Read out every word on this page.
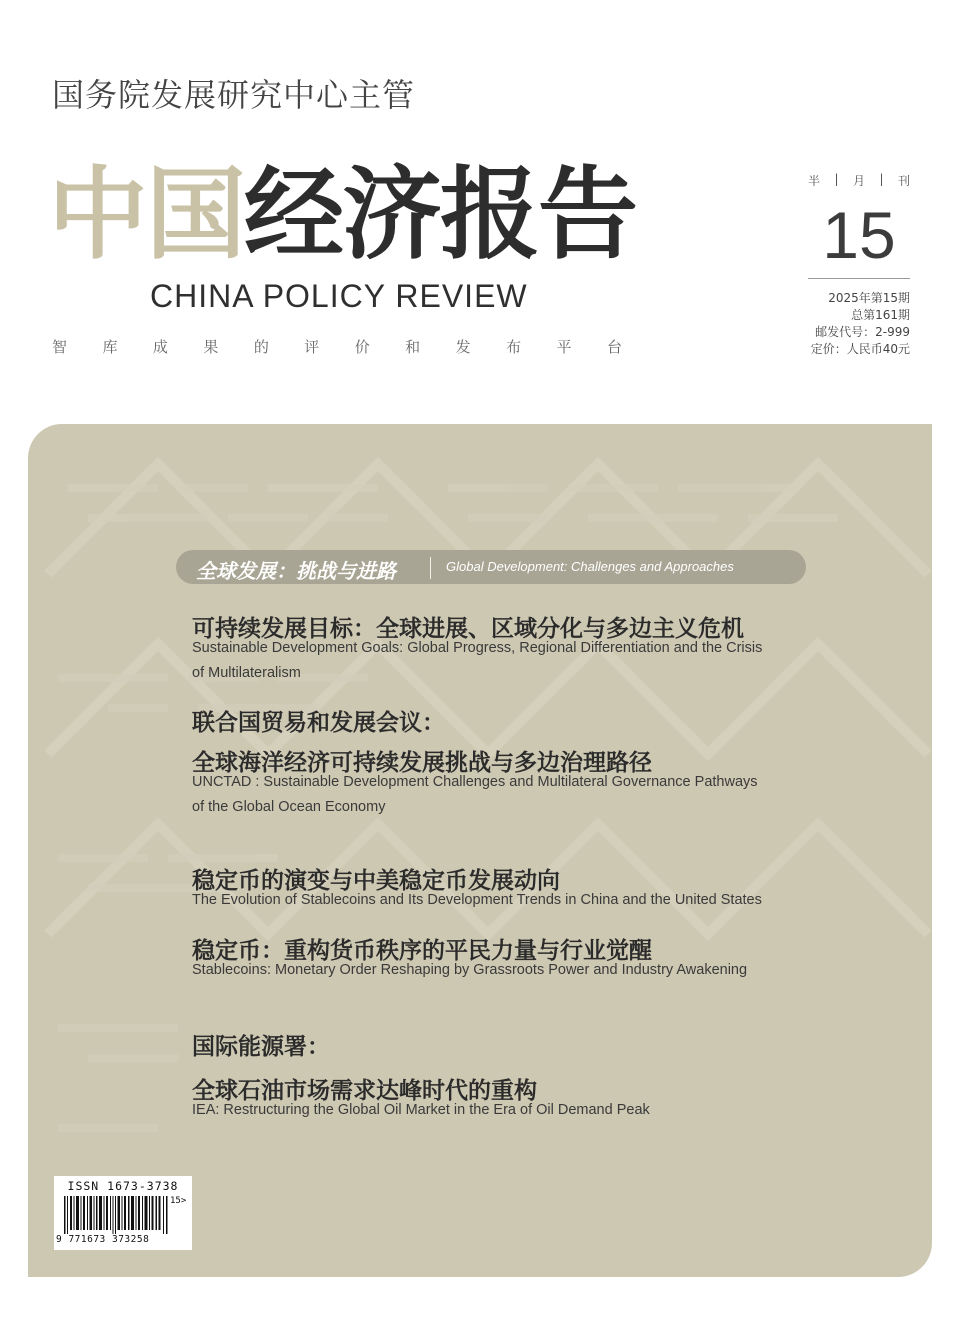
国务院发展研究中心主管
中国经济报告
CHINA POLICY REVIEW
智 库 成 果 的 评 价 和 发 布 平 台
半 | 月 | 刊
15
2025年第15期
总第161期
邮发代号：2-999
定价：人民币40元
全球发展：挑战与进路	Global Development: Challenges and Approaches
可持续发展目标：全球进展、区域分化与多边主义危机
Sustainable Development Goals: Global Progress, Regional Differentiation and the Crisis
of Multilateralism
联合国贸易和发展会议：
全球海洋经济可持续发展挑战与多边治理路径
UNCTAD : Sustainable Development Challenges and Multilateral Governance Pathways
of the Global Ocean Economy
稳定币的演变与中美稳定币发展动向
The Evolution of Stablecoins and Its Development Trends in China and the United States
稳定币：重构货币秩序的平民力量与行业觉醒
Stablecoins: Monetary Order Reshaping by Grassroots Power and Industry Awakening
国际能源署：
全球石油市场需求达峰时代的重构
IEA: Restructuring the Global Oil Market in the Era of Oil Demand Peak
ISSN 1673-3738
15>
9 771673 373258
